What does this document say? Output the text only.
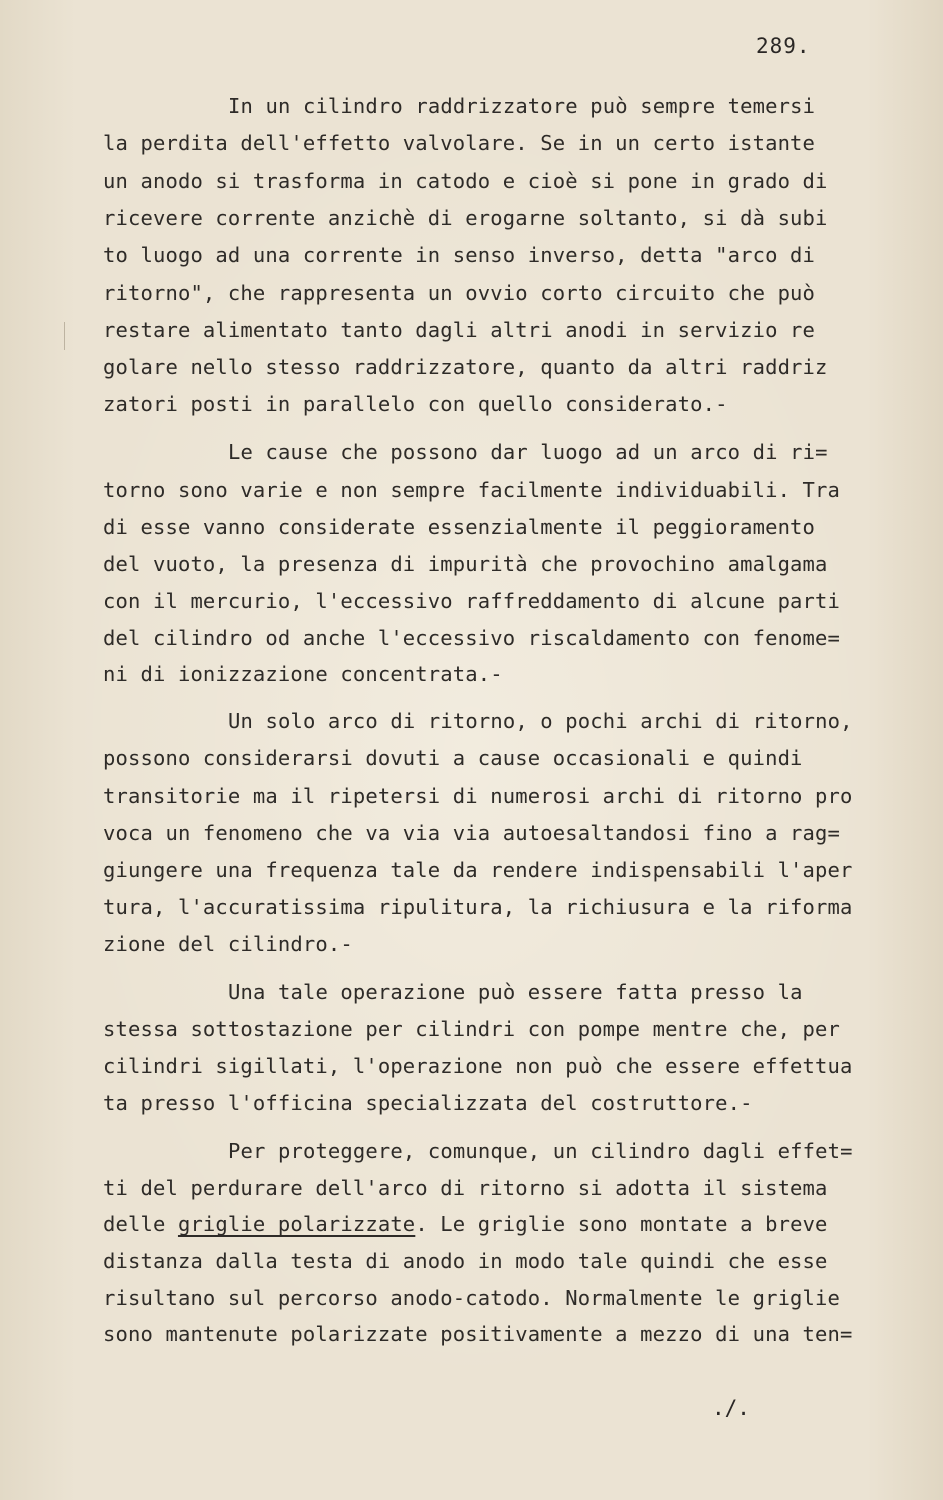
289.
In un cilindro raddrizzatore può sempre temersi
la perdita dell'effetto valvolare. Se in un certo istante
un anodo si trasforma in catodo e cioè si pone in grado di
ricevere corrente anzichè di erogarne soltanto, si dà subi
to luogo ad una corrente in senso inverso, detta "arco di
ritorno", che rappresenta un ovvio corto circuito che può
restare alimentato tanto dagli altri anodi in servizio re
golare nello stesso raddrizzatore, quanto da altri raddriz
zatori posti in parallelo con quello considerato.-
Le cause che possono dar luogo ad un arco di ri=
torno sono varie e non sempre facilmente individuabili. Tra
di esse vanno considerate essenzialmente il peggioramento
del vuoto, la presenza di impurità che provochino amalgama
con il mercurio, l'eccessivo raffreddamento di alcune parti
del cilindro od anche l'eccessivo riscaldamento con fenome=
ni di ionizzazione concentrata.-
Un solo arco di ritorno, o pochi archi di ritorno,
possono considerarsi dovuti a cause occasionali e quindi
transitorie ma il ripetersi di numerosi archi di ritorno pro
voca un fenomeno che va via via autoesaltandosi fino a rag=
giungere una frequenza tale da rendere indispensabili l'aper
tura, l'accuratissima ripulitura, la richiusura e la riforma
zione del cilindro.-
Una tale operazione può essere fatta presso la
stessa sottostazione per cilindri con pompe mentre che, per
cilindri sigillati, l'operazione non può che essere effettua
ta presso l'officina specializzata del costruttore.-
Per proteggere, comunque, un cilindro dagli effet=
ti del perdurare dell'arco di ritorno si adotta il sistema
delle griglie polarizzate. Le griglie sono montate a breve
distanza dalla testa di anodo in modo tale quindi che esse
risultano sul percorso anodo-catodo. Normalmente le griglie
sono mantenute polarizzate positivamente a mezzo di una ten=
./.
